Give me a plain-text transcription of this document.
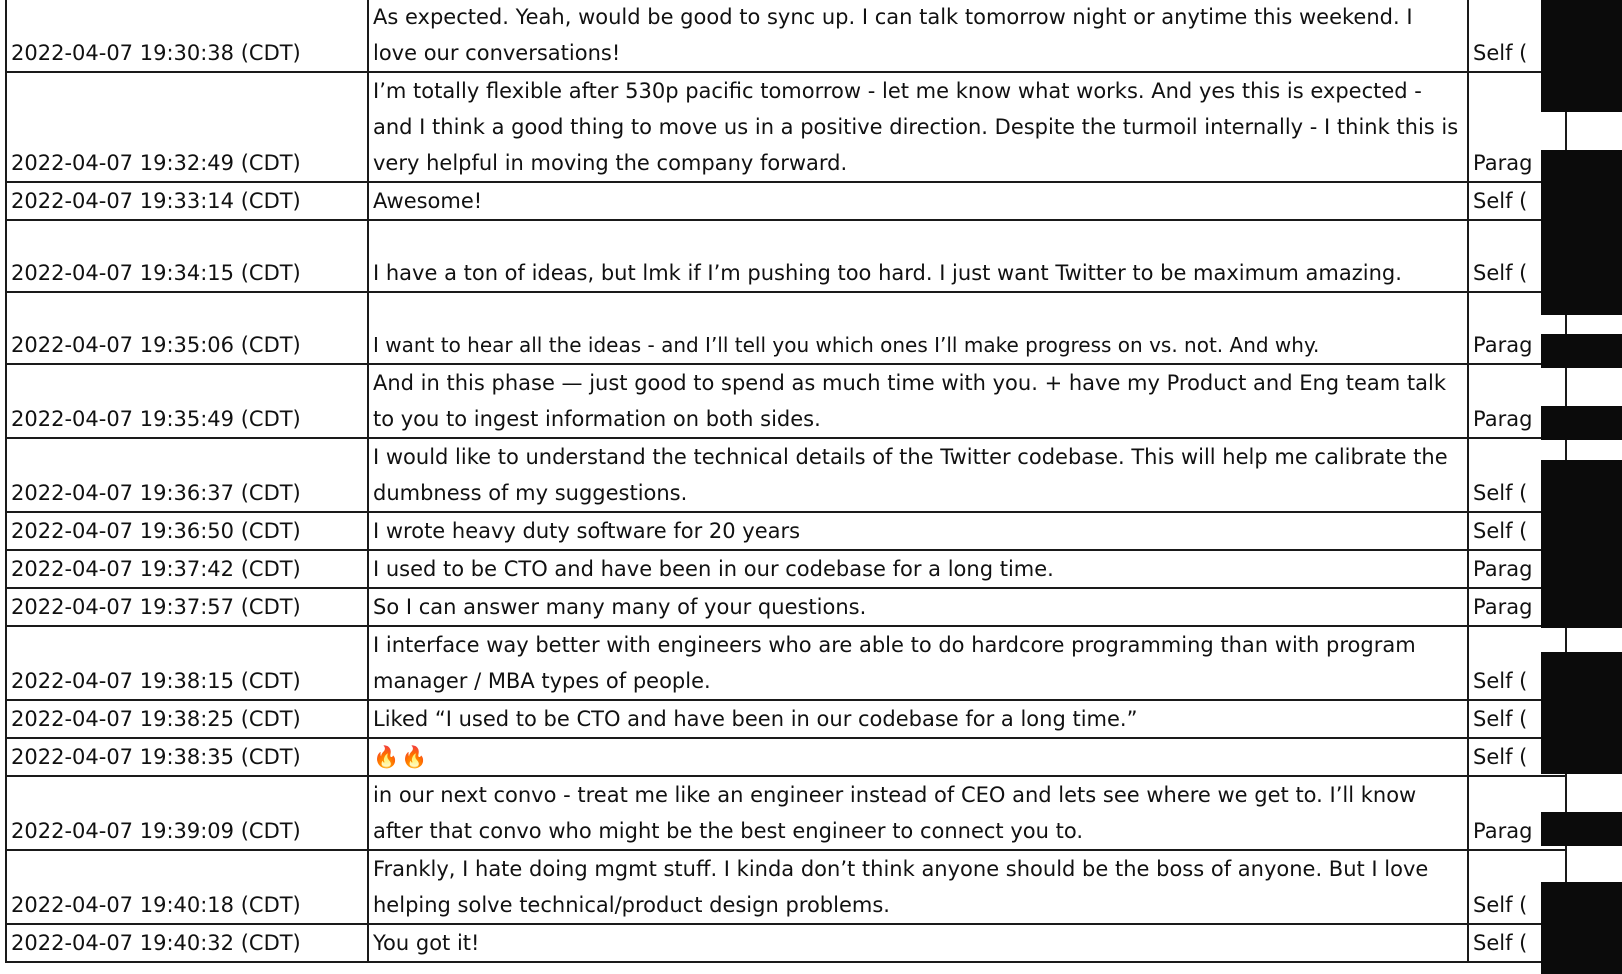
2022-04-07 19:30:38 (CDT)	As expected. Yeah, would be good to sync up. I can talk tomorrow night or anytime this weekend. I love our conversations!	Self (
2022-04-07 19:32:49 (CDT)	I’m totally flexible after 530p pacific tomorrow - let me know what works. And yes this is expected - and I think a good thing to move us in a positive direction. Despite the turmoil internally - I think this is very helpful in moving the company forward.	Parag
2022-04-07 19:33:14 (CDT)	Awesome!	Self (
2022-04-07 19:34:15 (CDT)	I have a ton of ideas, but lmk if I’m pushing too hard. I just want Twitter to be maximum amazing.	Self (
2022-04-07 19:35:06 (CDT)	I want to hear all the ideas - and I’ll tell you which ones I’ll make progress on vs. not. And why.	Parag
2022-04-07 19:35:49 (CDT)	And in this phase — just good to spend as much time with you. + have my Product and Eng team talk to you to ingest information on both sides.	Parag
2022-04-07 19:36:37 (CDT)	I would like to understand the technical details of the Twitter codebase. This will help me calibrate the dumbness of my suggestions.	Self (
2022-04-07 19:36:50 (CDT)	I wrote heavy duty software for 20 years	Self (
2022-04-07 19:37:42 (CDT)	I used to be CTO and have been in our codebase for a long time.	Parag
2022-04-07 19:37:57 (CDT)	So I can answer many many of your questions.	Parag
2022-04-07 19:38:15 (CDT)	I interface way better with engineers who are able to do hardcore programming than with program manager / MBA types of people.	Self (
2022-04-07 19:38:25 (CDT)	Liked “I used to be CTO and have been in our codebase for a long time.”	Self (
2022-04-07 19:38:35 (CDT)	🔥🔥	Self (
2022-04-07 19:39:09 (CDT)	in our next convo - treat me like an engineer instead of CEO and lets see where we get to. I’ll know after that convo who might be the best engineer to connect you to.	Parag
2022-04-07 19:40:18 (CDT)	Frankly, I hate doing mgmt stuff. I kinda don’t think anyone should be the boss of anyone. But I love helping solve technical/product design problems.	Self (
2022-04-07 19:40:32 (CDT)	You got it!	Self (
